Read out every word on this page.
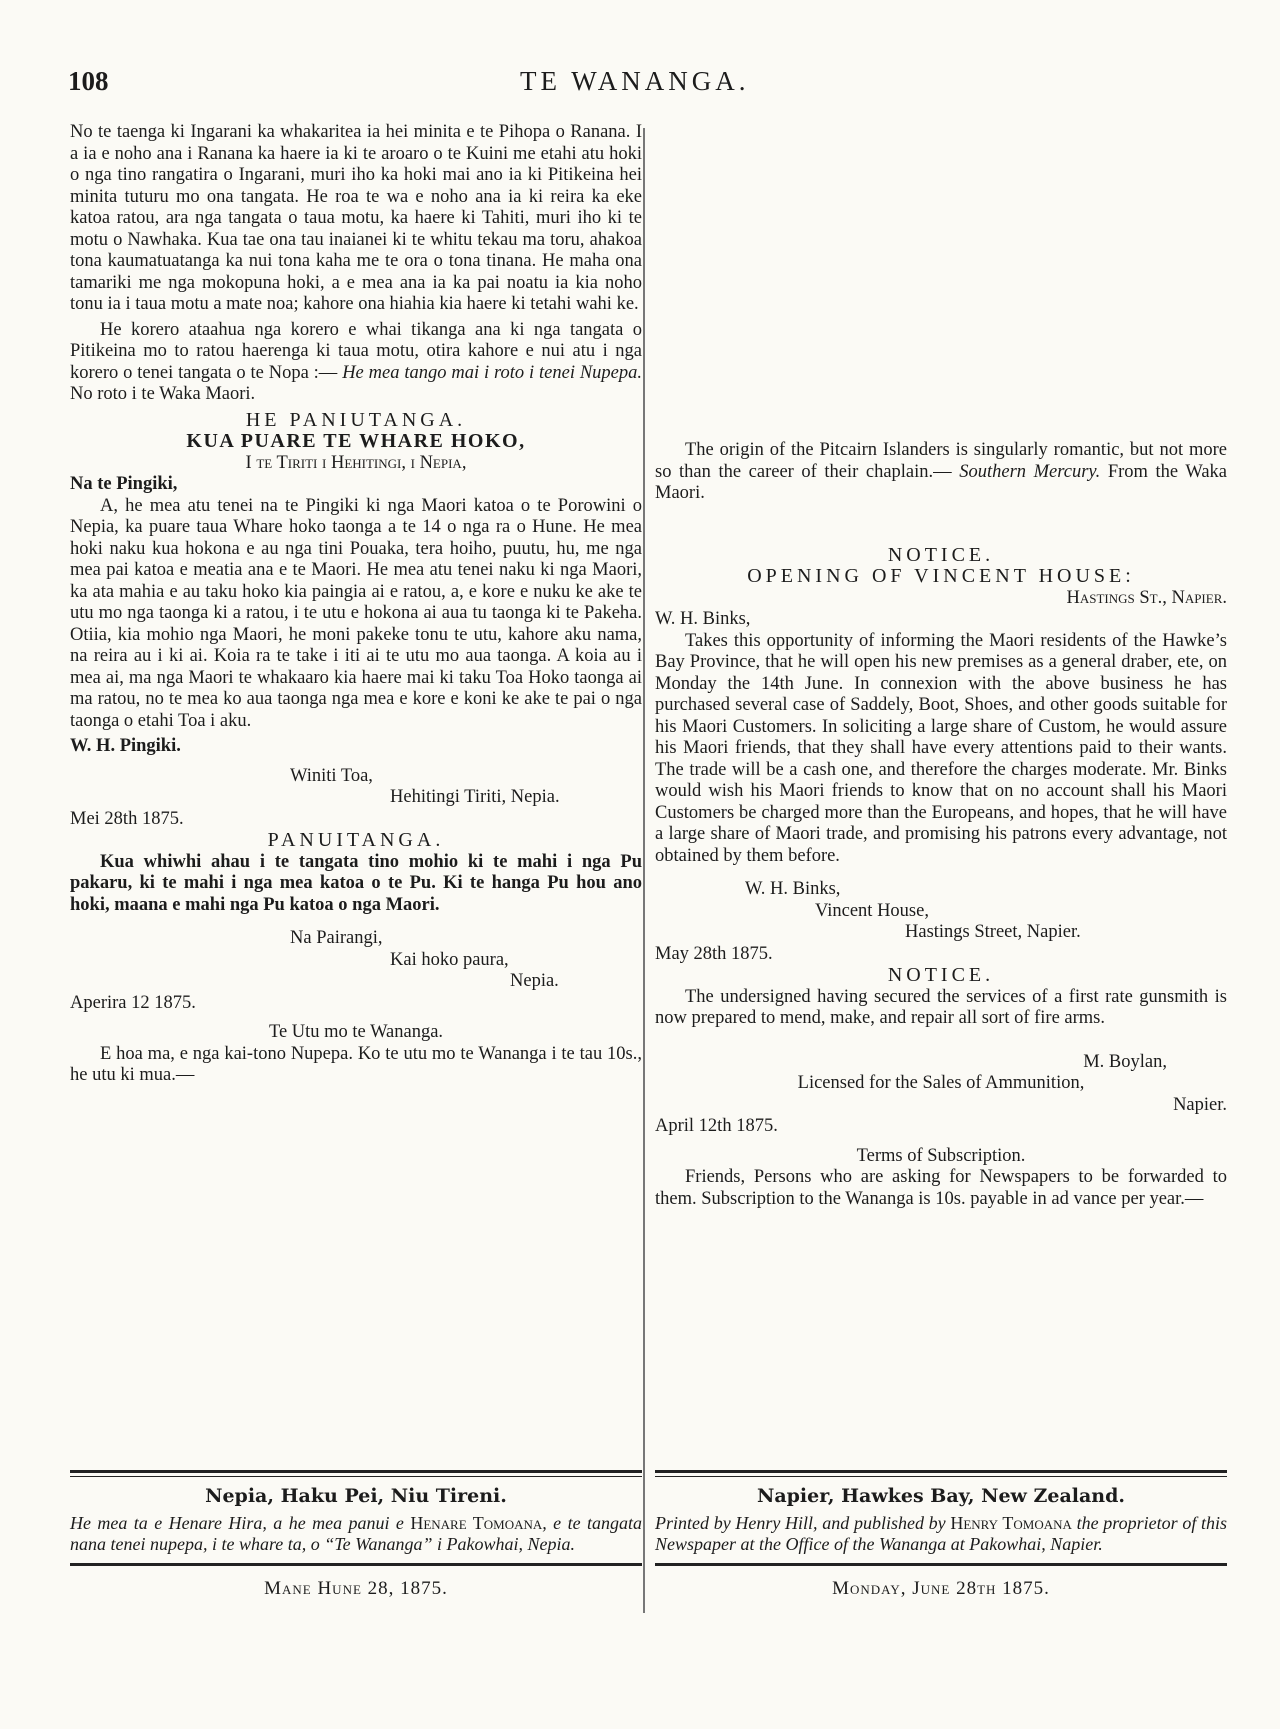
108	TE WANANGA.

No te taenga ki Ingarani ka whakaritea ia hei minita e te Pihopa o Ranana. I a ia e noho ana i Ranana ka haere ia ki te aroaro o te Kuini me etahi atu hoki o nga tino rangatira o Ingarani, muri iho ka hoki mai ano ia ki Pitikeina hei minita tuturu mo ona tangata. He roa te wa e noho ana ia ki reira ka eke katoa ratou, ara nga tangata o taua motu, ka haere ki Tahiti, muri iho ki te motu o Nawhaka. Kua tae ona tau inaianei ki te whitu tekau ma toru, ahakoa tona kaumatuatanga ka nui tona kaha me te ora o tona tinana. He maha ona tamariki me nga mokopuna hoki, a e mea ana ia ka pai noatu ia kia noho tonu ia i taua motu a mate noa; kahore ona hiahia kia haere ki tetahi wahi ke.

He korero ataahua nga korero e whai tikanga ana ki nga tangata o Pitikeina mo to ratou haerenga ki taua motu, otira kahore e nui atu i nga korero o tenei tangata o te Nopa :— He mea tango mai i roto i tenei Nupepa. No roto i te Waka Maori.

HE PANIUTANGA.
KUA PUARE TE WHARE HOKO,
I te Tiriti i Hehitingi, i Nepia,
Na te Pingiki,

A, he mea atu tenei na te Pingiki ki nga Maori katoa o te Porowini o Nepia, ka puare taua Whare hoko taonga a te 14 o nga ra o Hune. He mea hoki naku kua hokona e au nga tini Pouaka, tera hoiho, puutu, hu, me nga mea pai katoa e meatia ana e te Maori. He mea atu tenei naku ki nga Maori, ka ata mahia e au taku hoko kia paingia ai e ratou, a, e kore e nuku ke ake te utu mo nga taonga ki a ratou, i te utu e hokona ai aua tu taonga ki te Pakeha. Otiia, kia mohio nga Maori, he moni pakeke tonu te utu, kahore aku nama, na reira au i ki ai. Koia ra te take i iti ai te utu mo aua taonga. A koia au i mea ai, ma nga Maori te whakaaro kia haere mai ki taku Toa Hoko taonga ai ma ratou, no te mea ko aua taonga nga mea e kore e koni ke ake te pai o nga taonga o etahi Toa i aku.

W. H. Pingiki.
Winiti Toa,
Hehitingi Tiriti, Nepia.
Mei 28th 1875.
PANUITANGA.

Kua whiwhi ahau i te tangata tino mohio ki te mahi i nga Pu pakaru, ki te mahi i nga mea katoa o te Pu. Ki te hanga Pu hou ano hoki, maana e mahi nga Pu katoa o nga Maori.

Na Pairangi,
Kai hoko paura,
Nepia.
Aperira 12 1875.
Te Utu mo te Wananga.

E hoa ma, e nga kai-tono Nupepa. Ko te utu mo te Wananga i te tau 10s., he utu ki mua.—

The origin of the Pitcairn Islanders is singularly romantic, but not more so than the career of their chaplain.— Southern Mercury. From the Waka Maori.

NOTICE.
OPENING OF VINCENT HOUSE:
Hastings St., Napier.
W. H. Binks,

Takes this opportunity of informing the Maori residents of the Hawke’s Bay Province, that he will open his new premises as a general draber, ete, on Monday the 14th June. In connexion with the above business he has purchased several case of Saddely, Boot, Shoes, and other goods suitable for his Maori Customers. In soliciting a large share of Custom, he would assure his Maori friends, that they shall have every attentions paid to their wants. The trade will be a cash one, and therefore the charges moderate. Mr. Binks would wish his Maori friends to know that on no account shall his Maori Customers be charged more than the Europeans, and hopes, that he will have a large share of Maori trade, and promising his patrons every advantage, not obtained by them before.

W. H. Binks,
Vincent House,
Hastings Street, Napier.
May 28th 1875.
NOTICE.

The undersigned having secured the services of a first rate gunsmith is now prepared to mend, make, and repair all sort of fire arms.

M. Boylan,
Licensed for the Sales of Ammunition,
Napier.
April 12th 1875.
Terms of Subscription.

Friends, Persons who are asking for Newspapers to be forwarded to them. Subscription to the Wananga is 10s. payable in ad vance per year.—

Nepia, Haku Pei, Niu Tireni.
He mea ta e Henare Hira, a he mea panui e Henare Tomoana, e te tangata nana tenei nupepa, i te whare ta, o “Te Wananga” i Pakowhai, Nepia.
Mane Hune 28, 1875.
Napier, Hawkes Bay, New Zealand.
Printed by Henry Hill, and published by Henry Tomoana the proprietor of this Newspaper at the Office of the Wananga at Pakowhai, Napier.
Monday, June 28th 1875.
